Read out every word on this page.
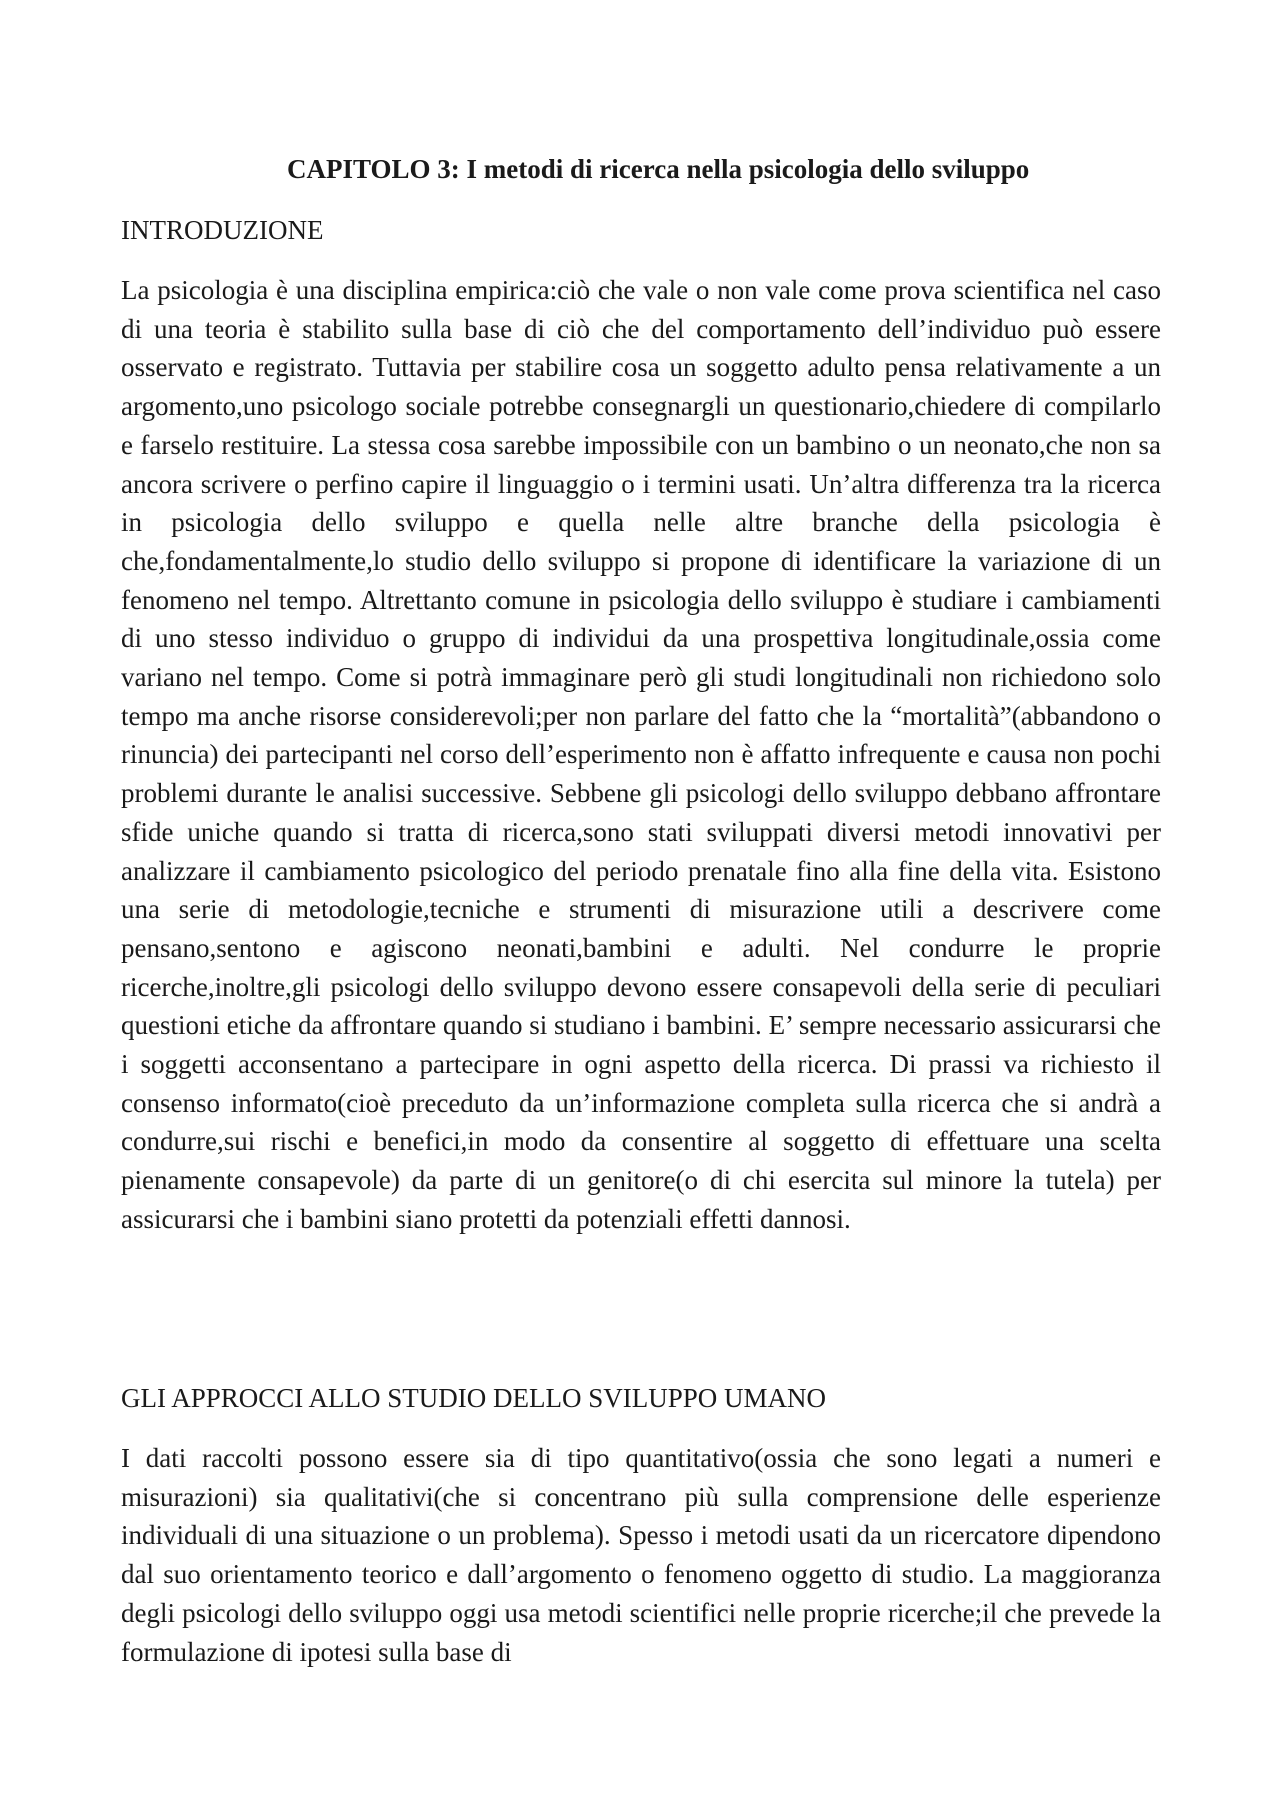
CAPITOLO 3: I metodi di ricerca nella psicologia dello sviluppo
INTRODUZIONE

La psicologia è una disciplina empirica:ciò che vale o non vale come prova scientifica nel caso di una teoria è stabilito sulla base di ciò che del comportamento dell’individuo può essere osservato e registrato. Tuttavia per stabilire cosa un soggetto adulto pensa relativamente a un argomento,uno psicologo sociale potrebbe consegnargli un questionario,chiedere di compilarlo e farselo restituire. La stessa cosa sarebbe impossibile con un bambino o un neonato,che non sa ancora scrivere o perfino capire il linguaggio o i termini usati. Un’altra differenza tra la ricerca in psicologia dello sviluppo e quella nelle altre branche della psicologia è che,fondamentalmente,lo studio dello sviluppo si propone di identificare la variazione di un fenomeno nel tempo. Altrettanto comune in psicologia dello sviluppo è studiare i cambiamenti di uno stesso individuo o gruppo di individui da una prospettiva longitudinale,ossia come variano nel tempo. Come si potrà immaginare però gli studi longitudinali non richiedono solo tempo ma anche risorse considerevoli;per non parlare del fatto che la “mortalità”(abbandono o rinuncia) dei partecipanti nel corso dell’esperimento non è affatto infrequente e causa non pochi problemi durante le analisi successive. Sebbene gli psicologi dello sviluppo debbano affrontare sfide uniche quando si tratta di ricerca,sono stati sviluppati diversi metodi innovativi per analizzare il cambiamento psicologico del periodo prenatale fino alla fine della vita. Esistono una serie di metodologie,tecniche e strumenti di misurazione utili a descrivere come pensano,sentono e agiscono neonati,bambini e adulti. Nel condurre le proprie ricerche,inoltre,gli psicologi dello sviluppo devono essere consapevoli della serie di peculiari questioni etiche da affrontare quando si studiano i bambini. E’ sempre necessario assicurarsi che i soggetti acconsentano a partecipare in ogni aspetto della ricerca. Di prassi va richiesto il consenso informato(cioè preceduto da un’informazione completa sulla ricerca che si andrà a condurre,sui rischi e benefici,in modo da consentire al soggetto di effettuare una scelta pienamente consapevole) da parte di un genitore(o di chi esercita sul minore la tutela) per assicurarsi che i bambini siano protetti da potenziali effetti dannosi.

GLI APPROCCI ALLO STUDIO DELLO SVILUPPO UMANO

I dati raccolti possono essere sia di tipo quantitativo(ossia che sono legati a numeri e misurazioni) sia qualitativi(che si concentrano più sulla comprensione delle esperienze individuali di una situazione o un problema). Spesso i metodi usati da un ricercatore dipendono dal suo orientamento teorico e dall’argomento o fenomeno oggetto di studio. La maggioranza degli psicologi dello sviluppo oggi usa metodi scientifici nelle proprie ricerche;il che prevede la formulazione di ipotesi sulla base di
